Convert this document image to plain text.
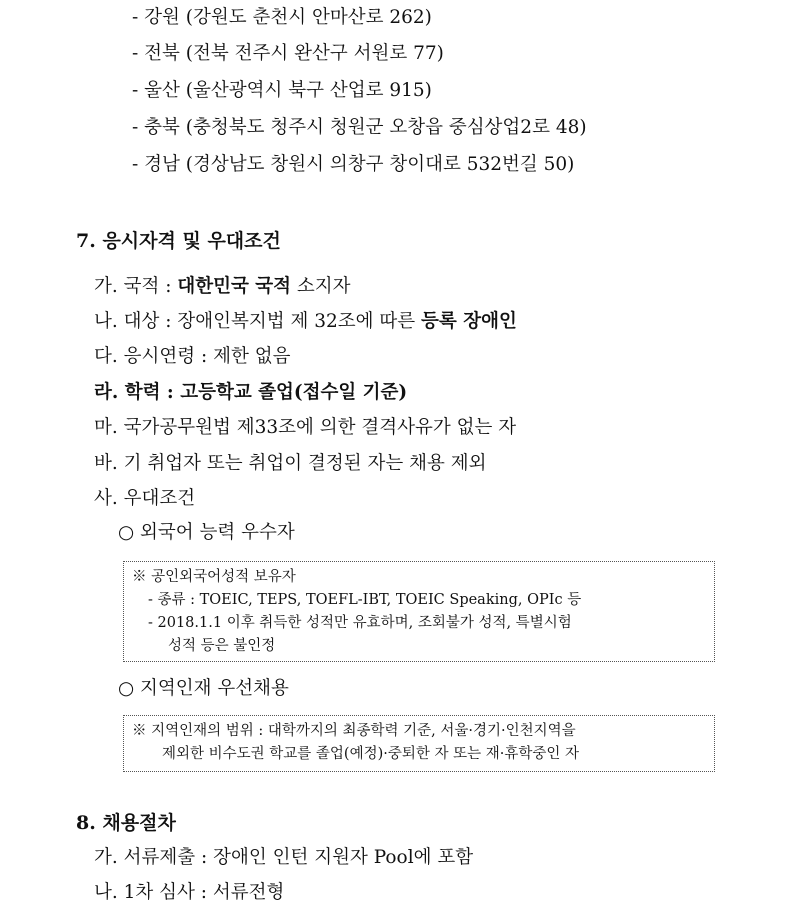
- 강원 (강원도 춘천시 안마산로 262)
- 전북 (전북 전주시 완산구 서원로 77)
- 울산 (울산광역시 북구 산업로 915)
- 충북 (충청북도 청주시 청원군 오창읍 중심상업2로 48)
- 경남 (경상남도 창원시 의창구 창이대로 532번길 50)
7. 응시자격 및 우대조건
가. 국적 : 대한민국 국적 소지자
나. 대상 : 장애인복지법 제 32조에 따른 등록 장애인
다. 응시연령 : 제한 없음
라. 학력 : 고등학교 졸업(접수일 기준)
마. 국가공무원법 제33조에 의한 결격사유가 없는 자
바. 기 취업자 또는 취업이 결정된 자는 채용 제외
사. 우대조건
○ 외국어 능력 우수자
※ 공인외국어성적 보유자
- 종류 : TOEIC, TEPS, TOEFL-IBT, TOEIC Speaking, OPIc 등
- 2018.1.1 이후 취득한 성적만 유효하며, 조회불가 성적, 특별시험
성적 등은 불인정
○ 지역인재 우선채용
※ 지역인재의 범위 : 대학까지의 최종학력 기준, 서울·경기·인천지역을
제외한 비수도권 학교를 졸업(예정)·중퇴한 자 또는 재·휴학중인 자
8. 채용절차
가. 서류제출 : 장애인 인턴 지원자 Pool에 포함
나. 1차 심사 : 서류전형
